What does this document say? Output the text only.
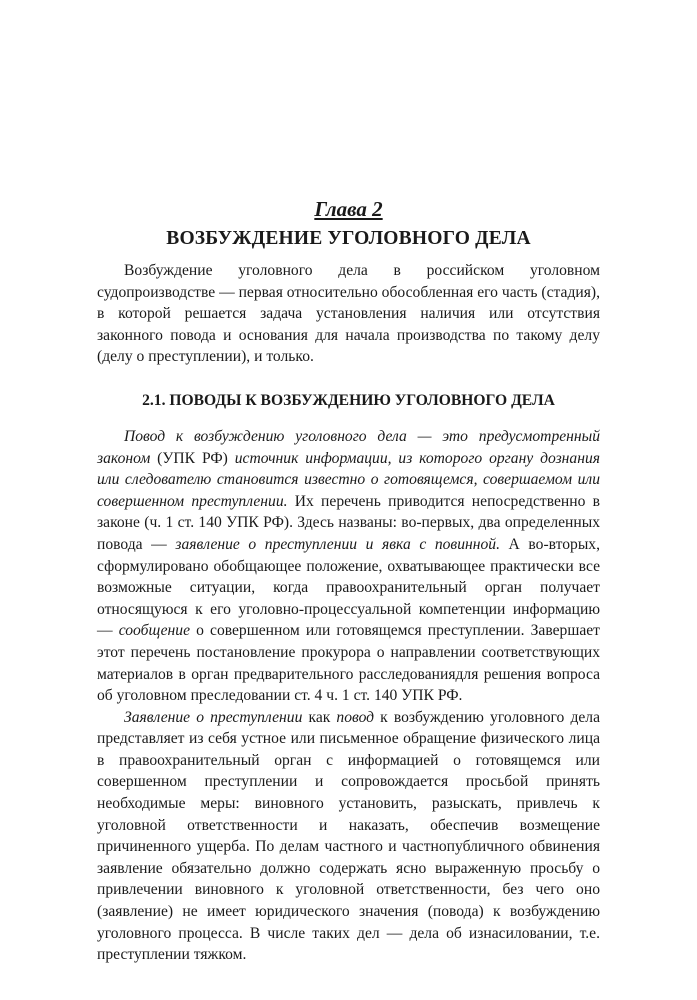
Глава 2
ВОЗБУЖДЕНИЕ УГОЛОВНОГО ДЕЛА

Возбуждение уголовного дела в российском уголовном судопроизводстве — первая относительно обособленная его часть (стадия), в которой решается задача установления наличия или отсутствия законного повода и основания для начала производства по такому делу (делу о преступлении), и только.

2.1. ПОВОДЫ К ВОЗБУЖДЕНИЮ УГОЛОВНОГО ДЕЛА

Повод к возбуждению уголовного дела — это предусмотренный законом (УПК РФ) источник информации, из которого органу дознания или следователю становится известно о готовящемся, совершаемом или совершенном преступлении. Их перечень приводится непосредственно в законе (ч. 1 ст. 140 УПК РФ). Здесь названы: во-первых, два определенных повода — заявление о преступлении и явка с повинной. А во-вторых, сформулировано обобщающее положение, охватывающее практически все возможные ситуации, когда правоохранительный орган получает относящуюся к его уголовно-процессуальной компетенции информацию — сообщение о совершенном или готовящемся преступлении. Завершает этот перечень постановление прокурора о направлении соответствующих материалов в орган предварительного расследованиядля решения вопроса об уголовном преследовании ст. 4 ч. 1 ст. 140 УПК РФ.

Заявление о преступлении как повод к возбуждению уголовного дела представляет из себя устное или письменное обращение физического лица в правоохранительный орган с информацией о готовящемся или совершенном преступлении и сопровождается просьбой принять необходимые меры: виновного установить, разыскать, привлечь к уголовной ответственности и наказать, обеспечив возмещение причиненного ущерба. По делам частного и частнопубличного обвинения заявление обязательно должно содержать ясно выраженную просьбу о привлечении виновного к уголовной ответственности, без чего оно (заявление) не имеет юридического значения (повода) к возбуждению уголовного процесса. В числе таких дел — дела об изнасиловании, т.е. преступлении тяжком.
